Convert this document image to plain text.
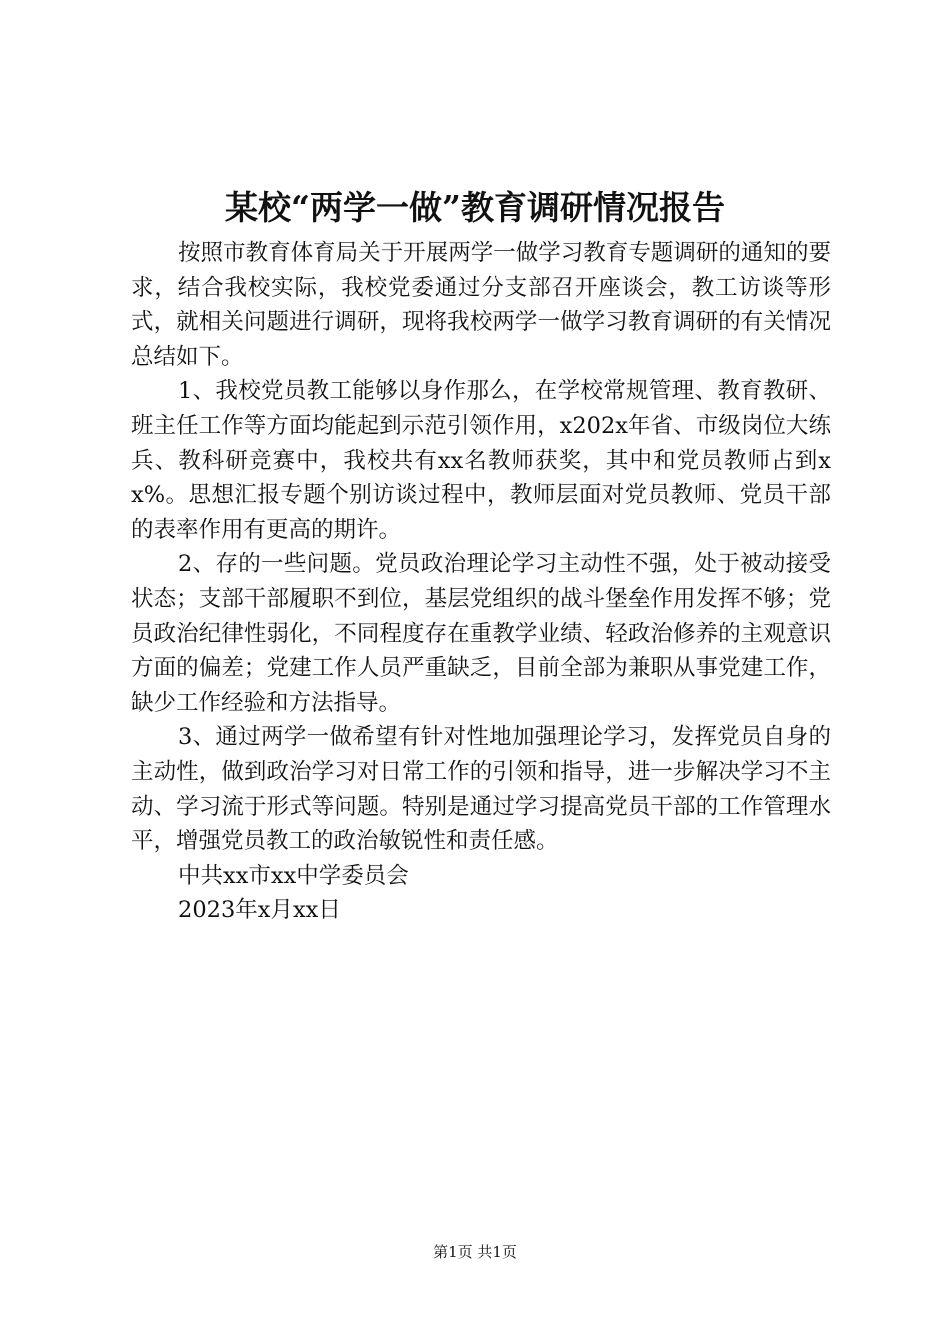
某校“两学一做”教育调研情况报告

按照市教育体育局关于开展两学一做学习教育专题调研的通知的要求，结合我校实际，我校党委通过分支部召开座谈会，教工访谈等形式，就相关问题进行调研，现将我校两学一做学习教育调研的有关情况总结如下。

1、我校党员教工能够以身作那么，在学校常规管理、教育教研、班主任工作等方面均能起到示范引领作用，x202x年省、市级岗位大练兵、教科研竞赛中，我校共有xx名教师获奖，其中和党员教师占到xx%。思想汇报专题个别访谈过程中，教师层面对党员教师、党员干部的表率作用有更高的期许。

2、存的一些问题。党员政治理论学习主动性不强，处于被动接受状态；支部干部履职不到位，基层党组织的战斗堡垒作用发挥不够；党员政治纪律性弱化，不同程度存在重教学业绩、轻政治修养的主观意识方面的偏差；党建工作人员严重缺乏，目前全部为兼职从事党建工作，缺少工作经验和方法指导。

3、通过两学一做希望有针对性地加强理论学习，发挥党员自身的主动性，做到政治学习对日常工作的引领和指导，进一步解决学习不主动、学习流于形式等问题。特别是通过学习提高党员干部的工作管理水平，增强党员教工的政治敏锐性和责任感。

中共xx市xx中学委员会

2023年x月xx日

第1页 共1页
